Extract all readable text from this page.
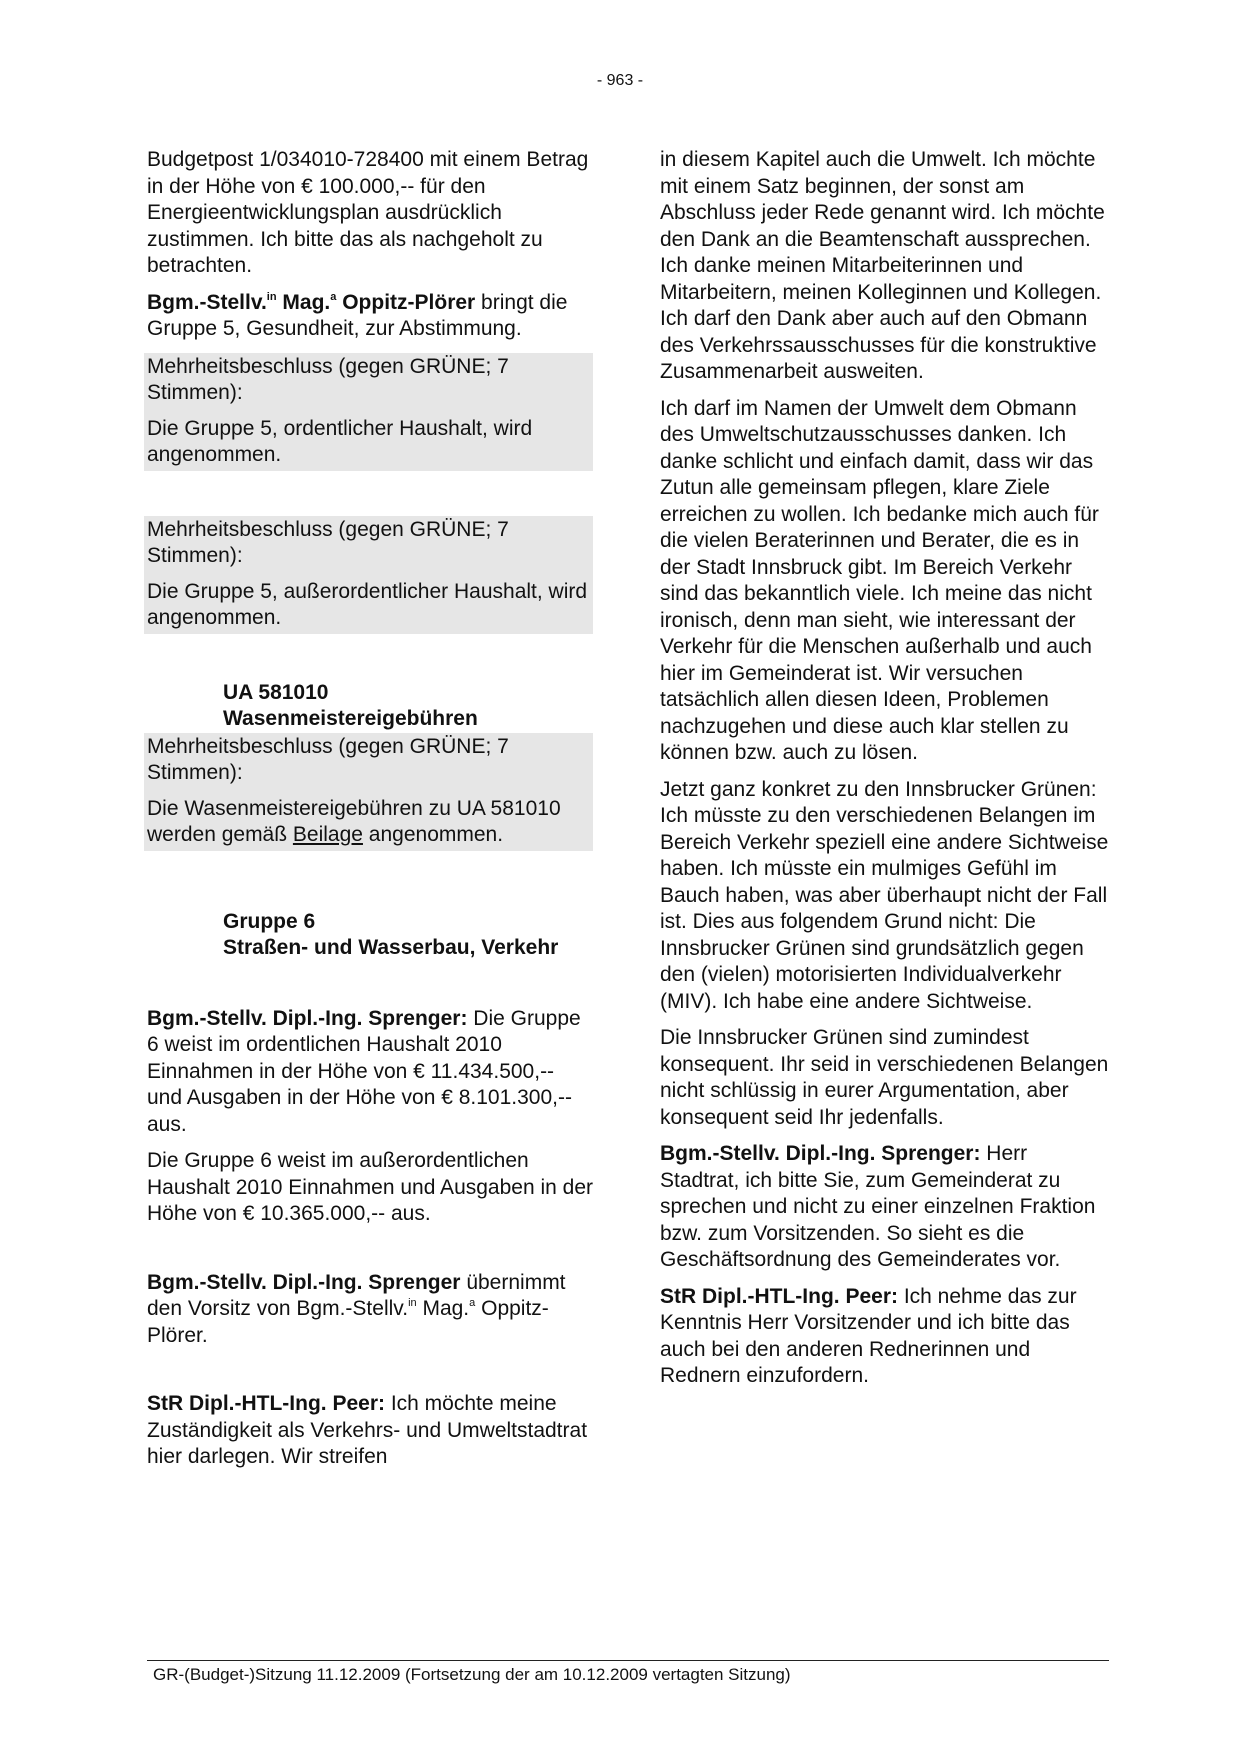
- 963 -

Budgetpost 1/034010-728400 mit einem Betrag in der Höhe von € 100.000,-- für den Energieentwicklungsplan ausdrücklich zustimmen. Ich bitte das als nachgeholt zu betrachten.

Bgm.-Stellv.$^{in}$ Mag.$^a$ Oppitz-Plörer bringt die Gruppe 5, Gesundheit, zur Abstimmung.

Mehrheitsbeschluss (gegen GRÜNE; 7 Stimmen):

Die Gruppe 5, ordentlicher Haushalt, wird angenommen.

Mehrheitsbeschluss (gegen GRÜNE; 7 Stimmen):

Die Gruppe 5, außerordentlicher Haushalt, wird angenommen.

UA 581010
Wasenmeistereigebühren

Mehrheitsbeschluss (gegen GRÜNE; 7 Stimmen):

Die Wasenmeistereigebühren zu UA 581010 werden gemäß Beilage angenommen.

Gruppe 6
Straßen- und Wasserbau, Verkehr

Bgm.-Stellv. Dipl.-Ing. Sprenger: Die Gruppe 6 weist im ordentlichen Haushalt 2010 Einnahmen in der Höhe von € 11.434.500,-- und Ausgaben in der Höhe von € 8.101.300,-- aus.

Die Gruppe 6 weist im außerordentlichen Haushalt 2010 Einnahmen und Ausgaben in der Höhe von € 10.365.000,-- aus.

Bgm.-Stellv. Dipl.-Ing. Sprenger übernimmt den Vorsitz von Bgm.-Stellv.$^{in}$ Mag.$^a$ Oppitz-Plörer.

StR Dipl.-HTL-Ing. Peer: Ich möchte meine Zuständigkeit als Verkehrs- und Umweltstadtrat hier darlegen. Wir streifen

in diesem Kapitel auch die Umwelt. Ich möchte mit einem Satz beginnen, der sonst am Abschluss jeder Rede genannt wird. Ich möchte den Dank an die Beamtenschaft aussprechen. Ich danke meinen Mitarbeiterinnen und Mitarbeitern, meinen Kolleginnen und Kollegen. Ich darf den Dank aber auch auf den Obmann des Verkehrssausschusses für die konstruktive Zusammenarbeit ausweiten.

Ich darf im Namen der Umwelt dem Obmann des Umweltschutzausschusses danken. Ich danke schlicht und einfach damit, dass wir das Zutun alle gemeinsam pflegen, klare Ziele erreichen zu wollen. Ich bedanke mich auch für die vielen Beraterinnen und Berater, die es in der Stadt Innsbruck gibt. Im Bereich Verkehr sind das bekanntlich viele. Ich meine das nicht ironisch, denn man sieht, wie interessant der Verkehr für die Menschen außerhalb und auch hier im Gemeinderat ist. Wir versuchen tatsächlich allen diesen Ideen, Problemen nachzugehen und diese auch klar stellen zu können bzw. auch zu lösen.

Jetzt ganz konkret zu den Innsbrucker Grünen: Ich müsste zu den verschiedenen Belangen im Bereich Verkehr speziell eine andere Sichtweise haben. Ich müsste ein mulmiges Gefühl im Bauch haben, was aber überhaupt nicht der Fall ist. Dies aus folgendem Grund nicht: Die Innsbrucker Grünen sind grundsätzlich gegen den (vielen) motorisierten Individualverkehr (MIV). Ich habe eine andere Sichtweise.

Die Innsbrucker Grünen sind zumindest konsequent. Ihr seid in verschiedenen Belangen nicht schlüssig in eurer Argumentation, aber konsequent seid Ihr jedenfalls.

Bgm.-Stellv. Dipl.-Ing. Sprenger: Herr Stadtrat, ich bitte Sie, zum Gemeinderat zu sprechen und nicht zu einer einzelnen Fraktion bzw. zum Vorsitzenden. So sieht es die Geschäftsordnung des Gemeinderates vor.

StR Dipl.-HTL-Ing. Peer: Ich nehme das zur Kenntnis Herr Vorsitzender und ich bitte das auch bei den anderen Rednerinnen und Rednern einzufordern.

GR-(Budget-)Sitzung 11.12.2009 (Fortsetzung der am 10.12.2009 vertagten Sitzung)
